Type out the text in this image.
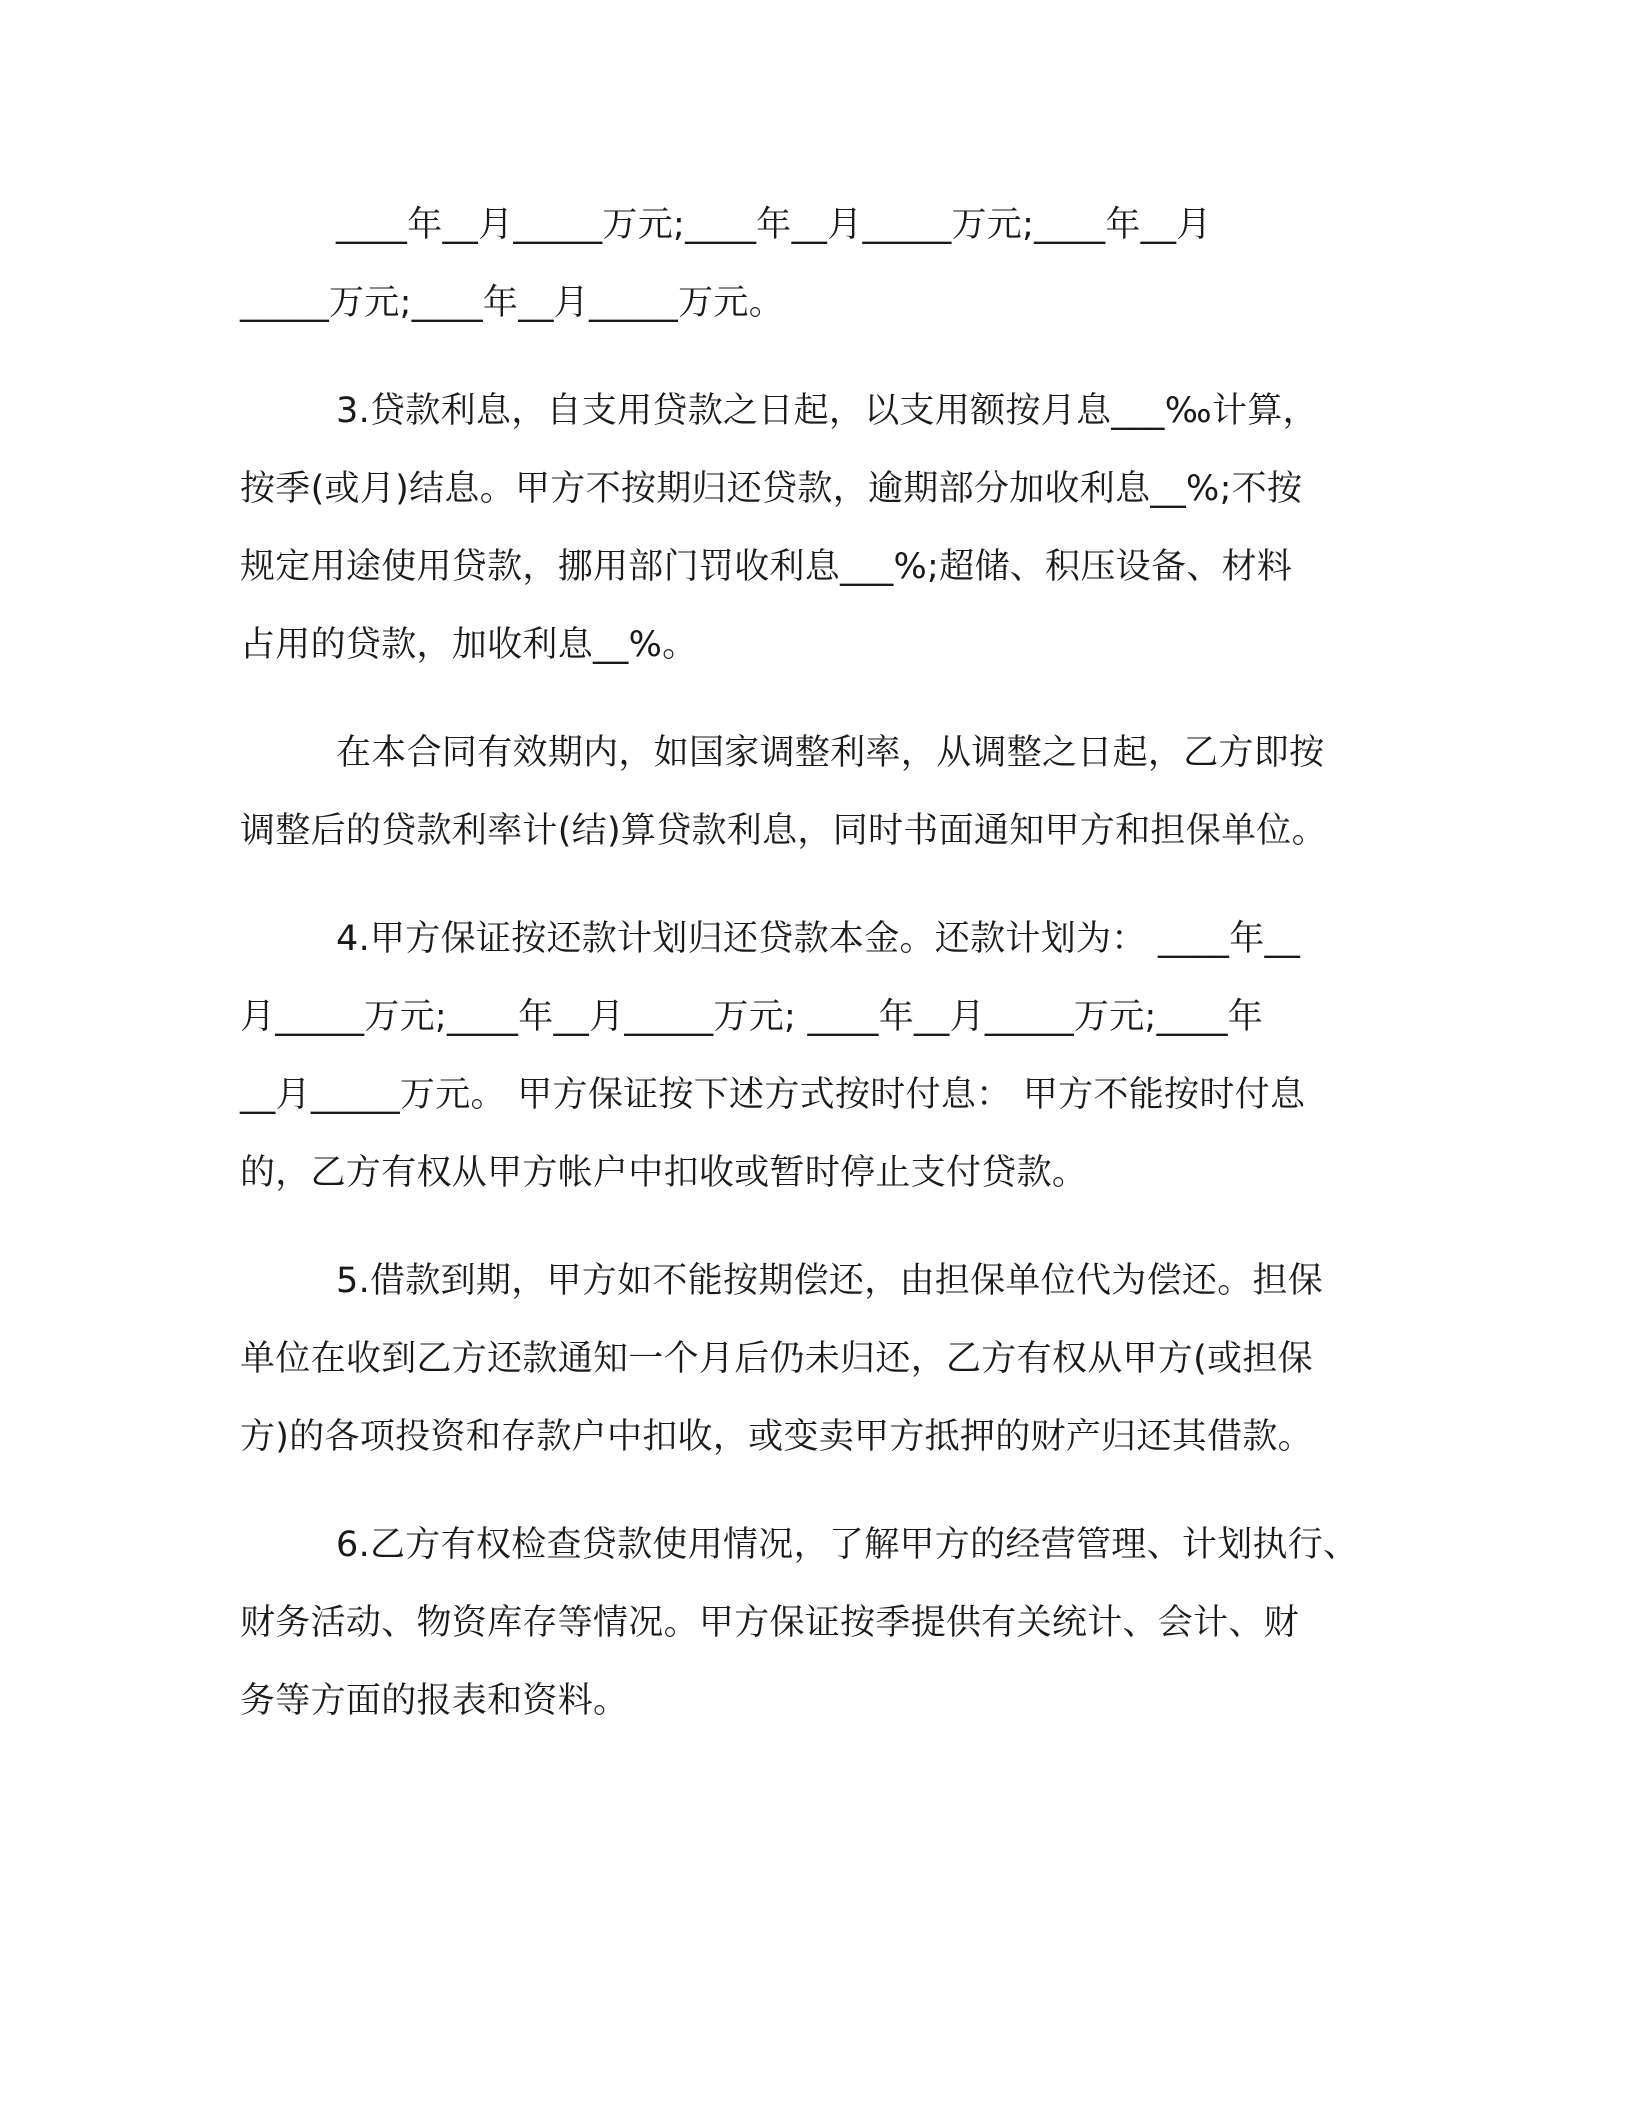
____年__月_____万元;____年__月_____万元;____年__月
_____万元;____年__月_____万元。
3.贷款利息，自支用贷款之日起，以支用额按月息___‰计算，
按季(或月)结息。甲方不按期归还贷款，逾期部分加收利息__%;不按
规定用途使用贷款，挪用部门罚收利息___%;超储、积压设备、材料
占用的贷款，加收利息__%。
在本合同有效期内，如国家调整利率，从调整之日起，乙方即按
调整后的贷款利率计(结)算贷款利息，同时书面通知甲方和担保单位。
4.甲方保证按还款计划归还贷款本金。还款计划为： ____年__
月_____万元;____年__月_____万元; ____年__月_____万元;____年
__月_____万元。 甲方保证按下述方式按时付息： 甲方不能按时付息
的，乙方有权从甲方帐户中扣收或暂时停止支付贷款。
5.借款到期，甲方如不能按期偿还，由担保单位代为偿还。担保
单位在收到乙方还款通知一个月后仍未归还，乙方有权从甲方(或担保
方)的各项投资和存款户中扣收，或变卖甲方抵押的财产归还其借款。
6.乙方有权检查贷款使用情况，了解甲方的经营管理、计划执行、
财务活动、物资库存等情况。甲方保证按季提供有关统计、会计、财
务等方面的报表和资料。
